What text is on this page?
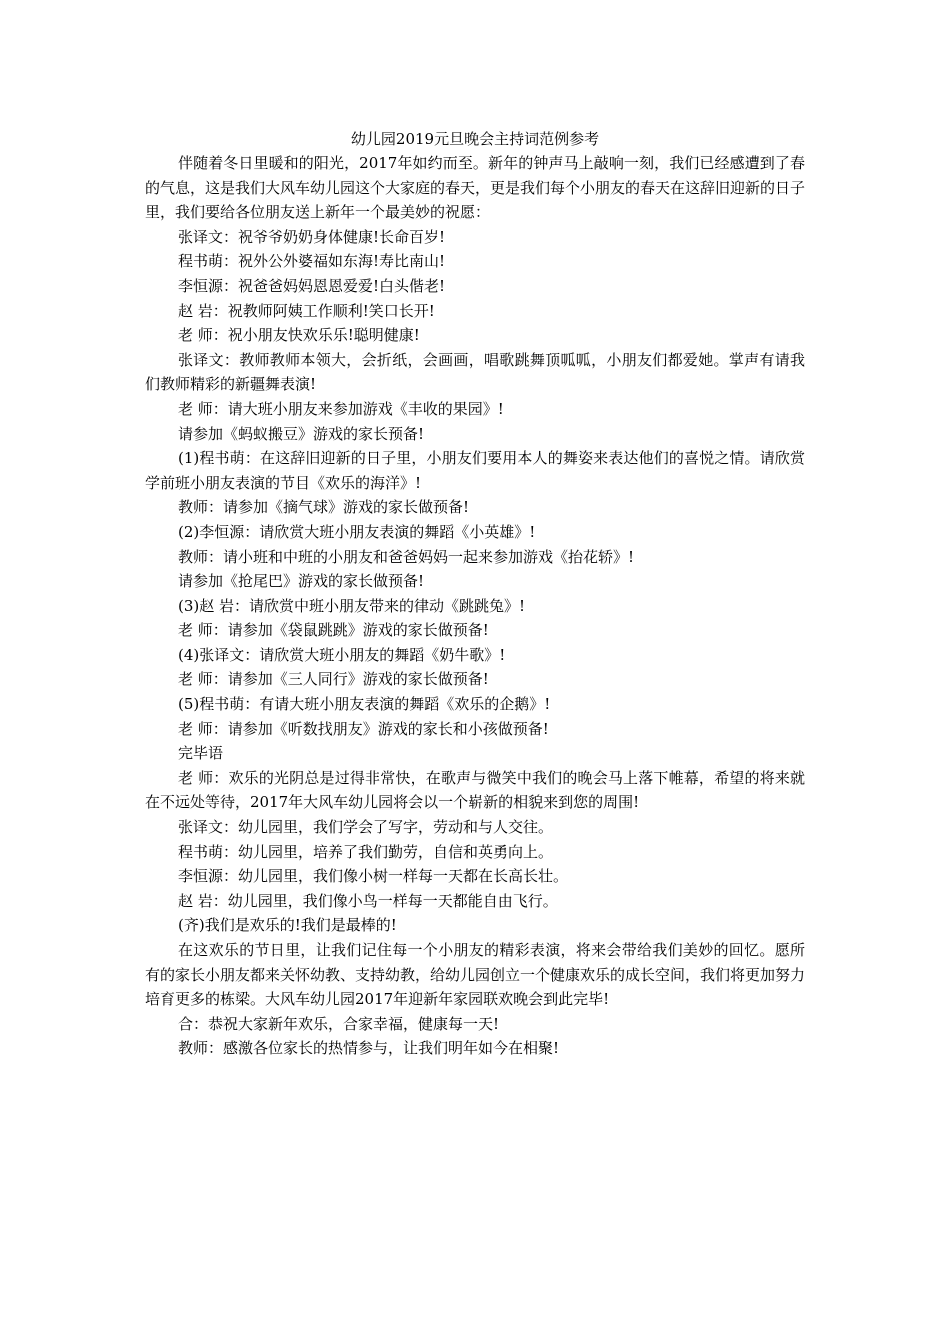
幼儿园2019元旦晚会主持词范例参考

伴随着冬日里暖和的阳光，2017年如约而至。新年的钟声马上敲响一刻，我们已经感遭到了春的气息，这是我们大风车幼儿园这个大家庭的春天，更是我们每个小朋友的春天在这辞旧迎新的日子里，我们要给各位朋友送上新年一个最美妙的祝愿：

张译文：祝爷爷奶奶身体健康!长命百岁!

程书萌：祝外公外婆福如东海!寿比南山!

李恒源：祝爸爸妈妈恩恩爱爱!白头偕老!

赵 岩：祝教师阿姨工作顺利!笑口长开!

老 师：祝小朋友快欢乐乐!聪明健康!

张译文：教师教师本领大，会折纸，会画画，唱歌跳舞顶呱呱，小朋友们都爱她。掌声有请我们教师精彩的新疆舞表演!

老 师：请大班小朋友来参加游戏《丰收的果园》!

请参加《蚂蚁搬豆》游戏的家长预备!

(1)程书萌：在这辞旧迎新的日子里，小朋友们要用本人的舞姿来表达他们的喜悦之情。请欣赏学前班小朋友表演的节目《欢乐的海洋》!

教师：请参加《摘气球》游戏的家长做预备!

(2)李恒源：请欣赏大班小朋友表演的舞蹈《小英雄》!

教师：请小班和中班的小朋友和爸爸妈妈一起来参加游戏《抬花轿》!

请参加《抢尾巴》游戏的家长做预备!

(3)赵 岩：请欣赏中班小朋友带来的律动《跳跳兔》!

老 师：请参加《袋鼠跳跳》游戏的家长做预备!

(4)张译文：请欣赏大班小朋友的舞蹈《奶牛歌》!

老 师：请参加《三人同行》游戏的家长做预备!

(5)程书萌：有请大班小朋友表演的舞蹈《欢乐的企鹅》!

老 师：请参加《听数找朋友》游戏的家长和小孩做预备!

完毕语

老 师：欢乐的光阴总是过得非常快，在歌声与微笑中我们的晚会马上落下帷幕，希望的将来就在不远处等待，2017年大风车幼儿园将会以一个崭新的相貌来到您的周围!

张译文：幼儿园里，我们学会了写字，劳动和与人交往。

程书萌：幼儿园里，培养了我们勤劳，自信和英勇向上。

李恒源：幼儿园里，我们像小树一样每一天都在长高长壮。

赵 岩：幼儿园里，我们像小鸟一样每一天都能自由飞行。

(齐)我们是欢乐的!我们是最棒的!

在这欢乐的节日里，让我们记住每一个小朋友的精彩表演，将来会带给我们美妙的回忆。愿所有的家长小朋友都来关怀幼教、支持幼教，给幼儿园创立一个健康欢乐的成长空间，我们将更加努力培育更多的栋梁。大风车幼儿园2017年迎新年家园联欢晚会到此完毕!

合：恭祝大家新年欢乐，合家幸福，健康每一天!

教师：感激各位家长的热情参与，让我们明年如今在相聚!
